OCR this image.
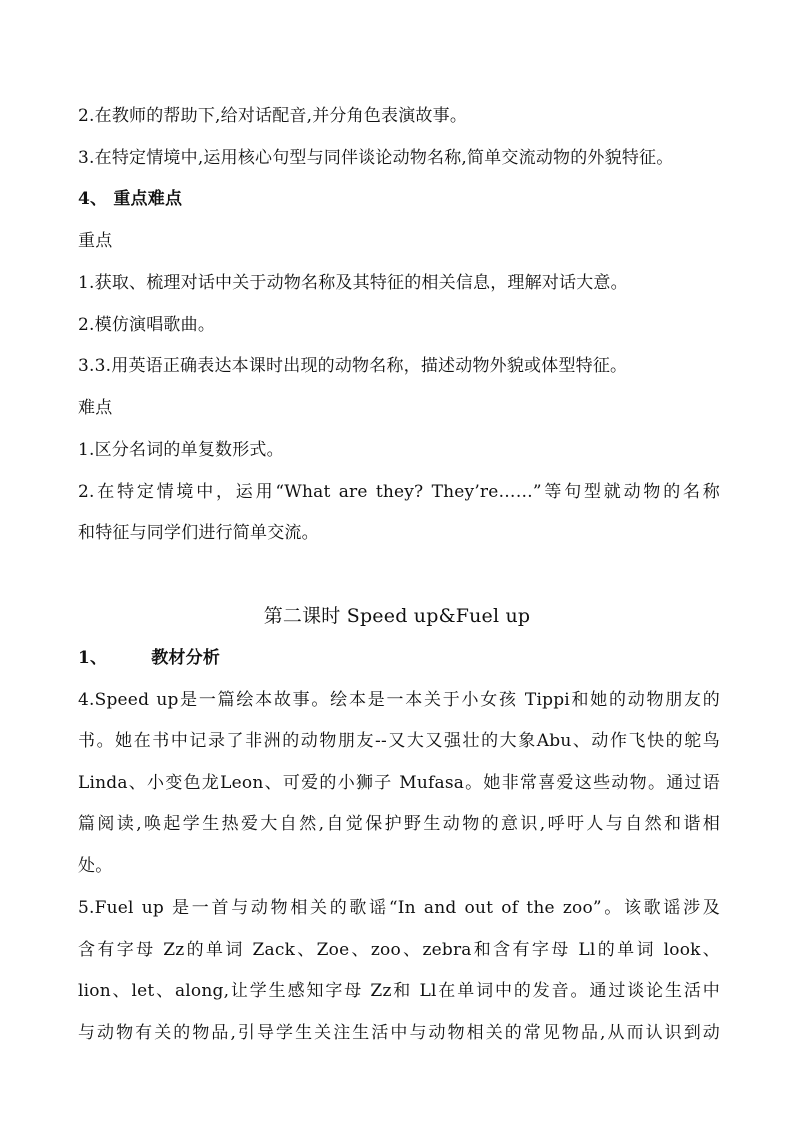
2.在教师的帮助下,给对话配音,并分角色表演故事。
3.在特定情境中,运用核心句型与同伴谈论动物名称,简单交流动物的外貌特征。
4、 重点难点
重点
1.获取、梳理对话中关于动物名称及其特征的相关信息，理解对话大意。
2.模仿演唱歌曲。
3.3.用英语正确表达本课时出现的动物名称，描述动物外貌或体型特征。
难点
1.区分名词的单复数形式。
2.在特定情境中，运用“What are they? They’re……”等句型就动物的名称
和特征与同学们进行简单交流。
第二课时 Speed up&Fuel up
1、	教材分析
4.Speed up是一篇绘本故事。绘本是一本关于小女孩 Tippi和她的动物朋友的
书。她在书中记录了非洲的动物朋友--又大又强壮的大象Abu、动作飞快的鸵鸟
Linda、小变色龙Leon、可爱的小狮子 Mufasa。她非常喜爱这些动物。通过语
篇阅读,唤起学生热爱大自然,自觉保护野生动物的意识,呼吁人与自然和谐相
处。
5.Fuel up 是一首与动物相关的歌谣“In and out of the zoo”。该歌谣涉及
含有字母 Zz的单词 Zack、Zoe、zoo、zebra和含有字母 Ll的单词 look、
lion、let、along,让学生感知字母 Zz和 Ll在单词中的发音。通过谈论生活中
与动物有关的物品,引导学生关注生活中与动物相关的常见物品,从而认识到动
